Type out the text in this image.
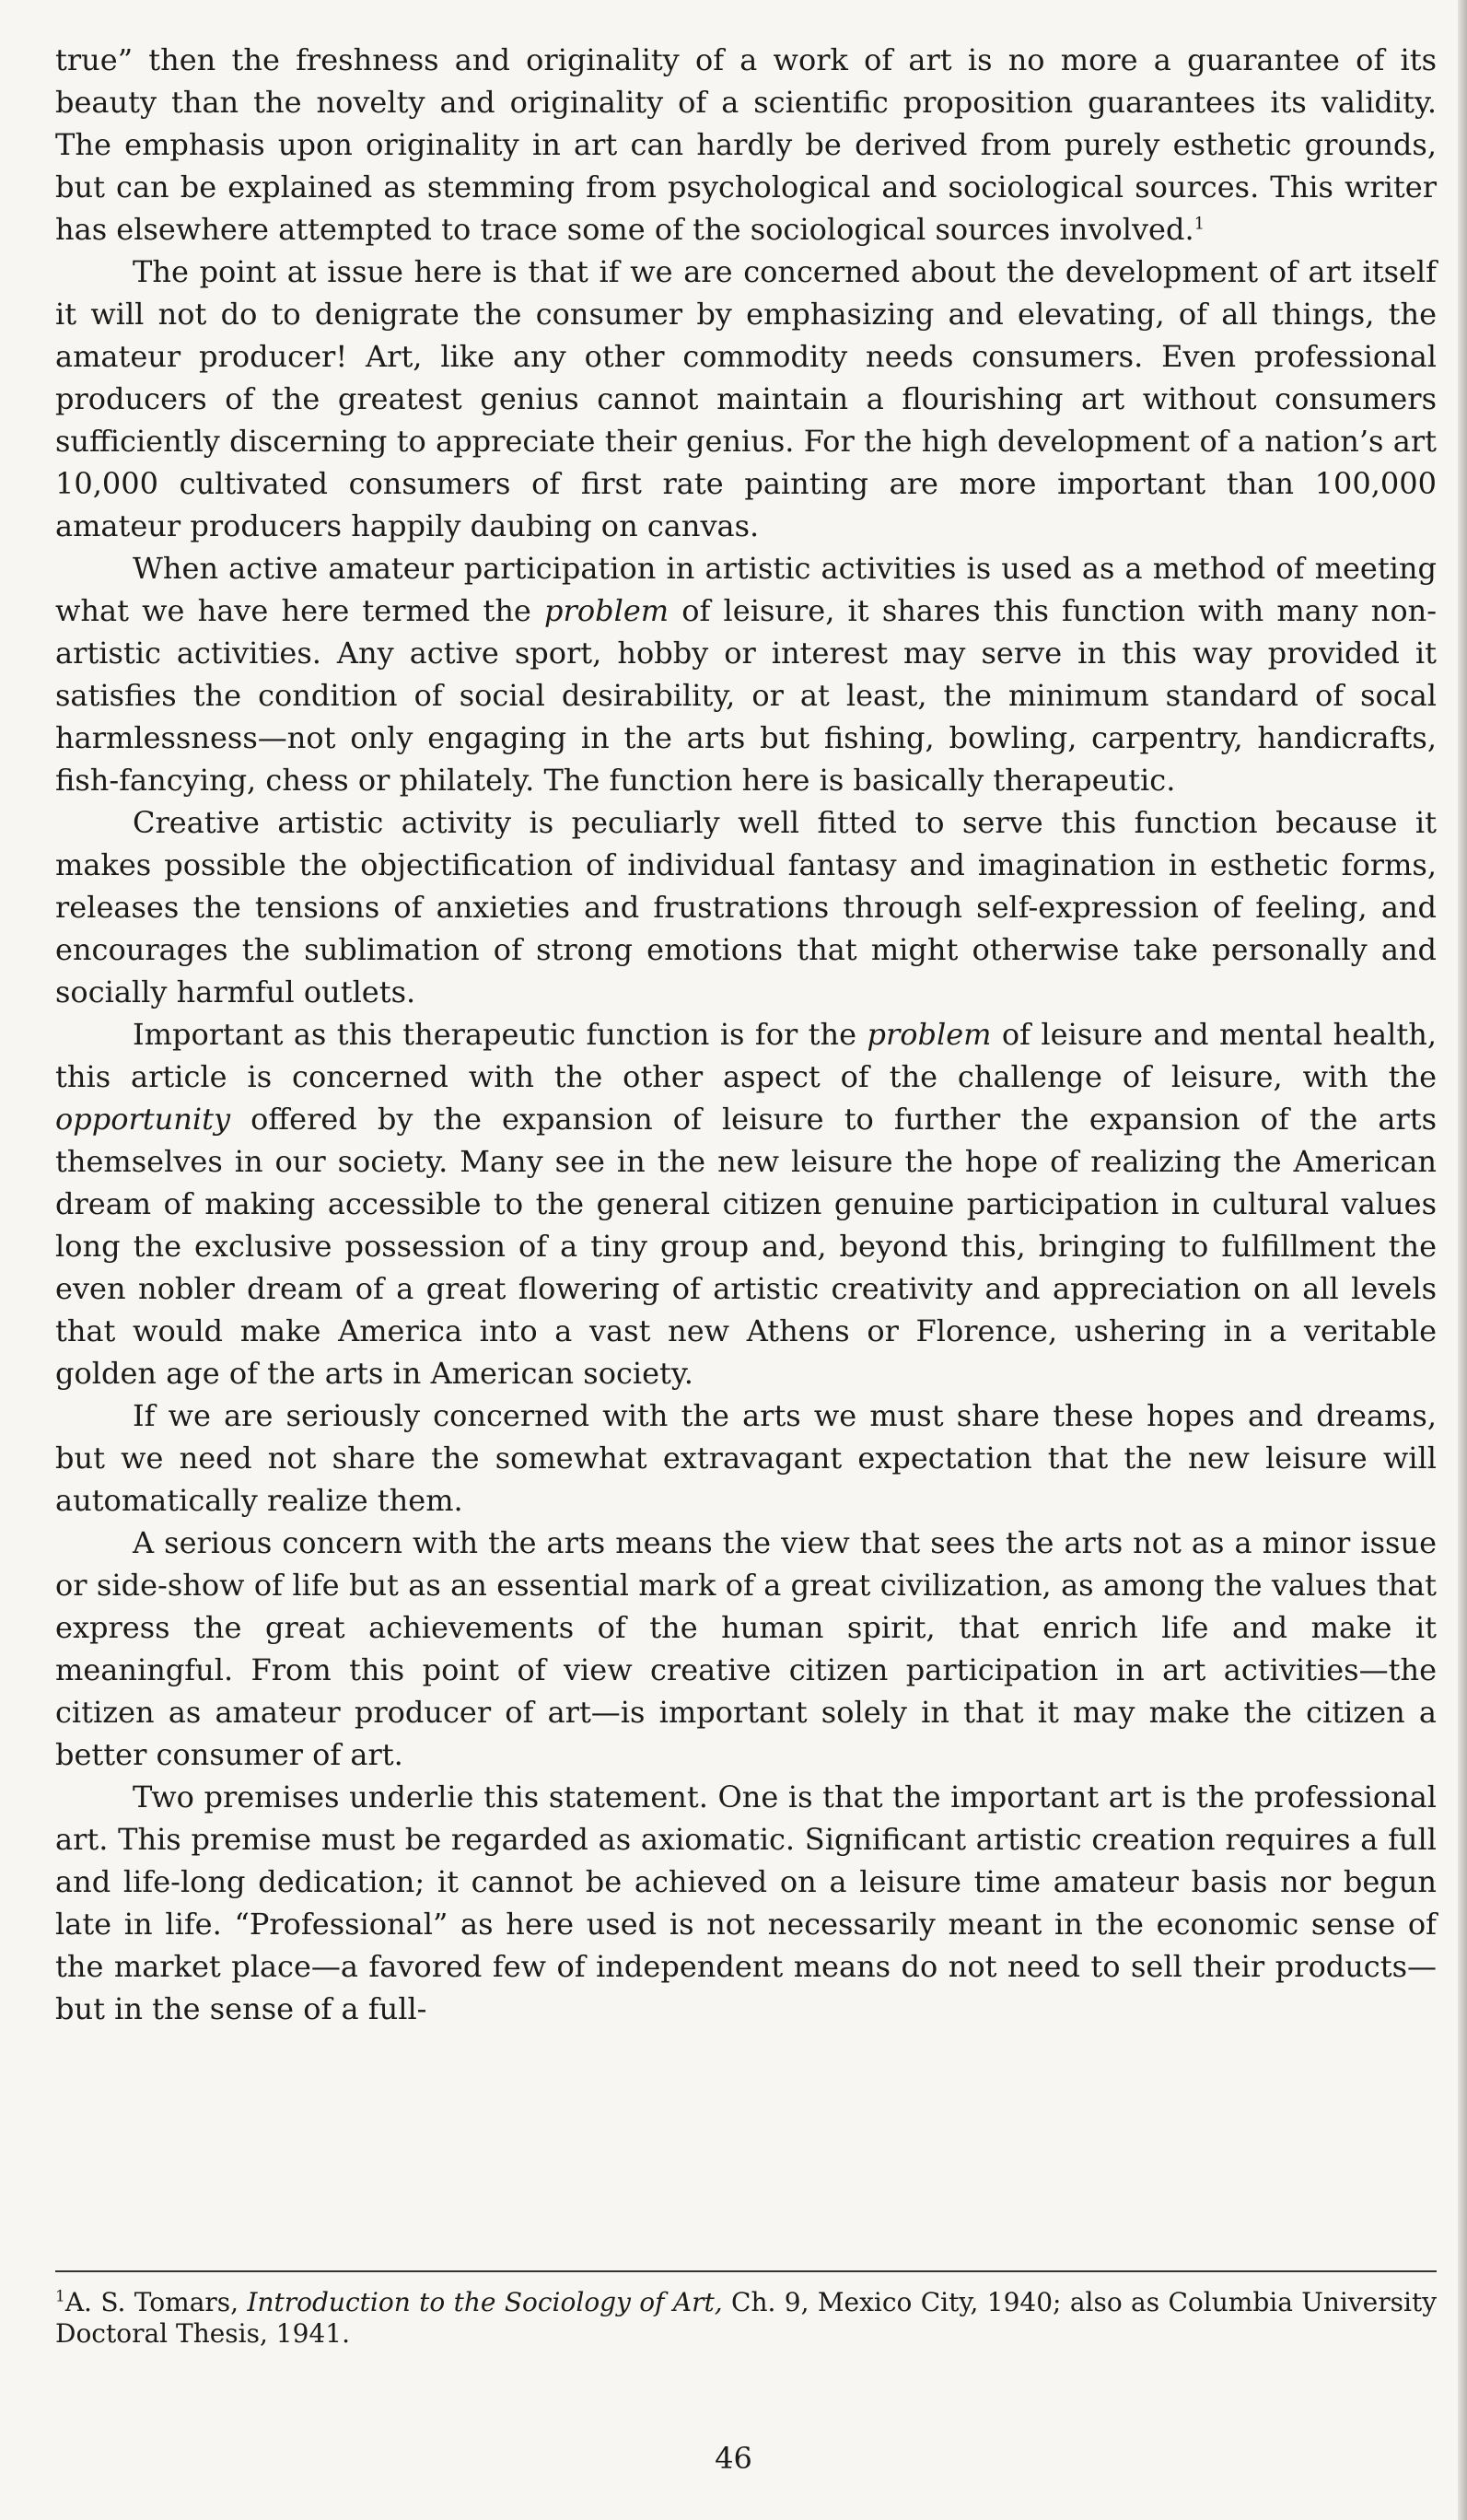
true” then the freshness and originality of a work of art is no more a guarantee of its beauty than the novelty and originality of a scientific proposition guarantees its validity. The emphasis upon originality in art can hardly be derived from purely esthetic grounds, but can be explained as stemming from psychological and sociological sources. This writer has elsewhere attempted to trace some of the sociological sources involved.$^1$

The point at issue here is that if we are concerned about the development of art itself it will not do to denigrate the consumer by emphasizing and elevating, of all things, the amateur producer! Art, like any other commodity needs consumers. Even professional producers of the greatest genius cannot maintain a flourishing art without consumers sufficiently discerning to appreciate their genius. For the high development of a nation’s art 10,000 cultivated consumers of first rate painting are more important than 100,000 amateur producers happily daubing on canvas.

When active amateur participation in artistic activities is used as a method of meeting what we have here termed the problem of leisure, it shares this function with many non-artistic activities. Any active sport, hobby or interest may serve in this way provided it satisfies the condition of social desirability, or at least, the minimum standard of socal harmlessness—not only engaging in the arts but fishing, bowling, carpentry, handicrafts, fish-fancying, chess or philately. The function here is basically therapeutic.

Creative artistic activity is peculiarly well fitted to serve this function because it makes possible the objectification of individual fantasy and imagination in esthetic forms, releases the tensions of anxieties and frustrations through self-expression of feeling, and encourages the sublimation of strong emotions that might otherwise take personally and socially harmful outlets.

Important as this therapeutic function is for the problem of leisure and mental health, this article is concerned with the other aspect of the challenge of leisure, with the opportunity offered by the expansion of leisure to further the expansion of the arts themselves in our society. Many see in the new leisure the hope of realizing the American dream of making accessible to the general citizen genuine participation in cultural values long the exclusive possession of a tiny group and, beyond this, bringing to fulfillment the even nobler dream of a great flowering of artistic creativity and appreciation on all levels that would make America into a vast new Athens or Florence, ushering in a veritable golden age of the arts in American society.

If we are seriously concerned with the arts we must share these hopes and dreams, but we need not share the somewhat extravagant expectation that the new leisure will automatically realize them.

A serious concern with the arts means the view that sees the arts not as a minor issue or side-show of life but as an essential mark of a great civilization, as among the values that express the great achievements of the human spirit, that enrich life and make it meaningful. From this point of view creative citizen participation in art activities—the citizen as amateur producer of art—is important solely in that it may make the citizen a better consumer of art.

Two premises underlie this statement. One is that the important art is the professional art. This premise must be regarded as axiomatic. Significant artistic creation requires a full and life-long dedication; it cannot be achieved on a leisure time amateur basis nor begun late in life. “Professional” as here used is not necessarily meant in the economic sense of the market place—a favored few of independent means do not need to sell their products—but in the sense of a full-

$^1$A. S. Tomars, Introduction to the Sociology of Art, Ch. 9, Mexico City, 1940; also as Columbia University Doctoral Thesis, 1941.
46
